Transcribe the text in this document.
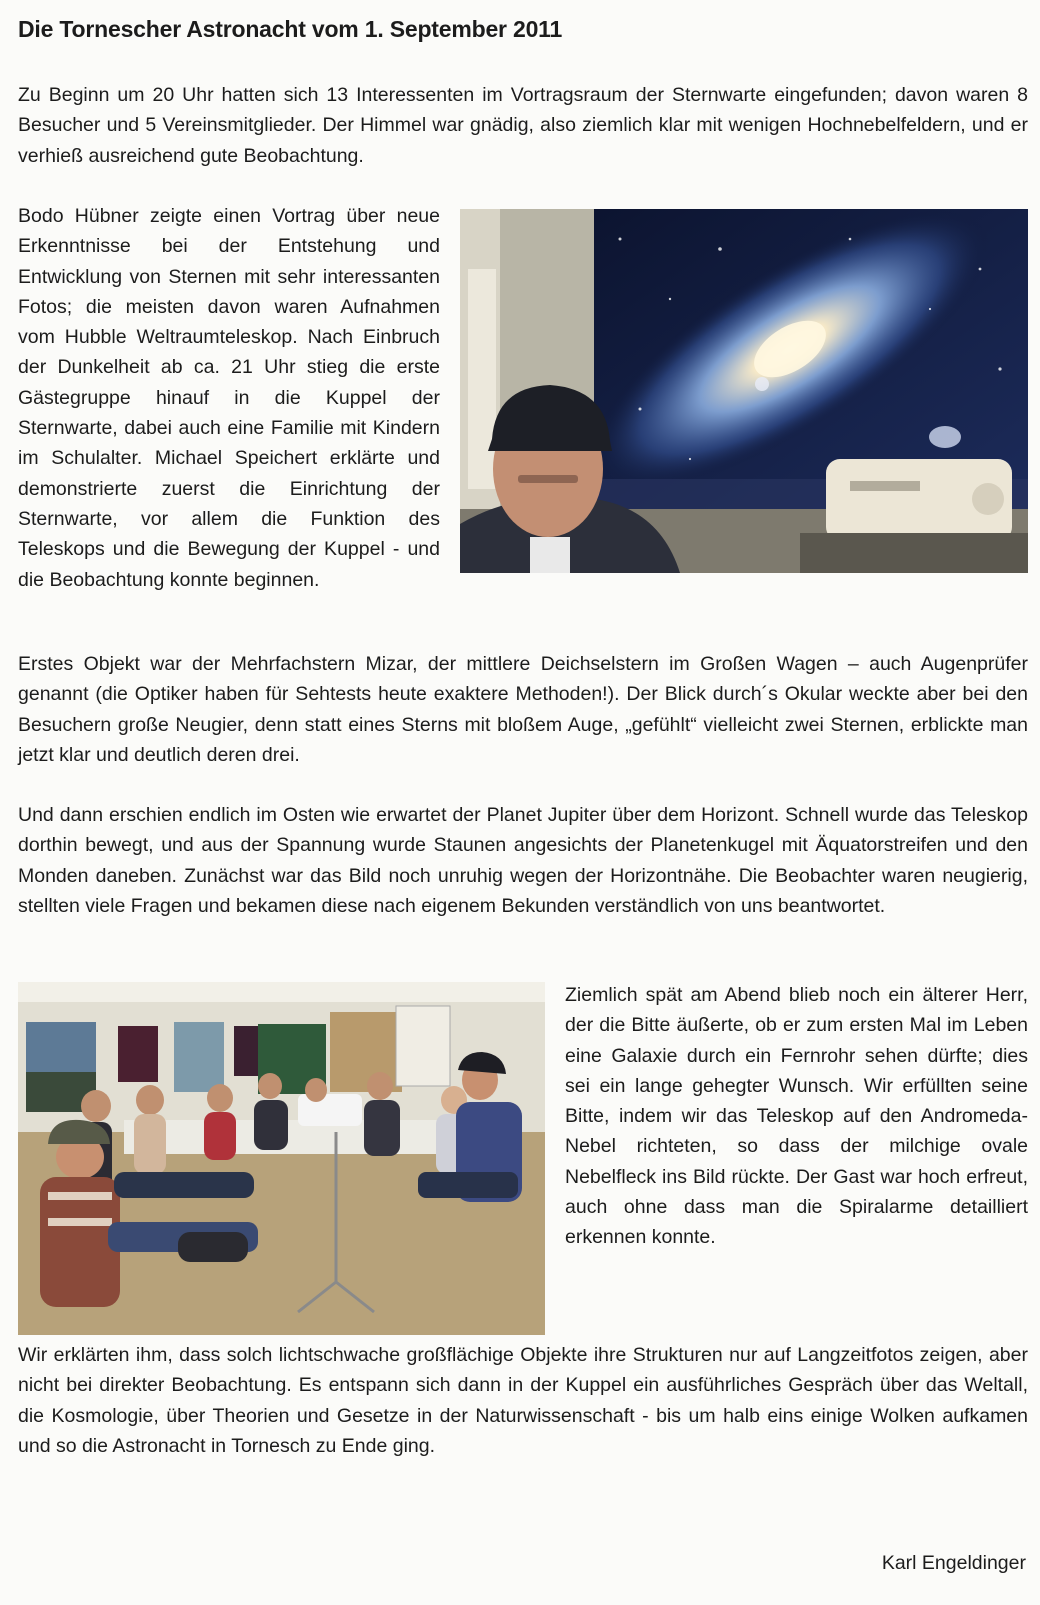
Die Tornescher Astronacht vom 1. September 2011

Zu Beginn um 20 Uhr hatten sich 13 Interessenten im Vortragsraum der Sternwarte eingefunden; davon waren 8 Besucher und 5 Vereinsmitglieder. Der Himmel war gnädig, also ziemlich klar mit wenigen Hochnebelfeldern, und er verhieß ausreichend gute Beobachtung.

Bodo Hübner zeigte einen Vortrag über neue Erkenntnisse bei der Entstehung und Entwicklung von Sternen mit sehr interessanten Fotos; die meisten davon waren Aufnahmen vom Hubble Weltraumteleskop. Nach Einbruch der Dunkelheit ab ca. 21 Uhr stieg die erste Gästegruppe hinauf in die Kuppel der Sternwarte, dabei auch eine Familie mit Kindern im Schulalter. Michael Speichert erklärte und demonstrierte zuerst die Einrichtung der Sternwarte, vor allem die Funktion des Teleskops und die Bewegung der Kuppel - und die Beobachtung konnte beginnen.

Erstes Objekt war der Mehrfachstern Mizar, der mittlere Deichselstern im Großen Wagen – auch Augenprüfer genannt (die Optiker haben für Sehtests heute exaktere Methoden!). Der Blick durch´s Okular weckte aber bei den Besuchern große Neugier, denn statt eines Sterns mit bloßem Auge, „gefühlt“ vielleicht zwei Sternen, erblickte man jetzt klar und deutlich deren drei.

Und dann erschien endlich im Osten wie erwartet der Planet Jupiter über dem Horizont. Schnell wurde das Teleskop dorthin bewegt, und aus der Spannung wurde Staunen angesichts der Planetenkugel mit Äquatorstreifen und den Monden daneben. Zunächst war das Bild noch unruhig wegen der Horizontnähe. Die Beobachter waren neugierig, stellten viele Fragen und bekamen diese nach eigenem Bekunden verständlich von uns beantwortet.

Ziemlich spät am Abend blieb noch ein älterer Herr, der die Bitte äußerte, ob er zum ersten Mal im Leben eine Galaxie durch ein Fernrohr sehen dürfte; dies sei ein lange gehegter Wunsch. Wir erfüllten seine Bitte, indem wir das Teleskop auf den Andromeda-Nebel richteten, so dass der milchige ovale Nebelfleck ins Bild rückte. Der Gast war hoch erfreut, auch ohne dass man die Spiralarme detailliert erkennen konnte.

Wir erklärten ihm, dass solch lichtschwache großflächige Objekte ihre Strukturen nur auf Langzeitfotos zeigen, aber nicht bei direkter Beobachtung. Es entspann sich dann in der Kuppel ein ausführliches Gespräch über das Weltall, die Kosmologie, über Theorien und Gesetze in der Naturwissenschaft - bis um halb eins einige Wolken aufkamen und so die Astronacht in Tornesch zu Ende ging.

Karl Engeldinger
